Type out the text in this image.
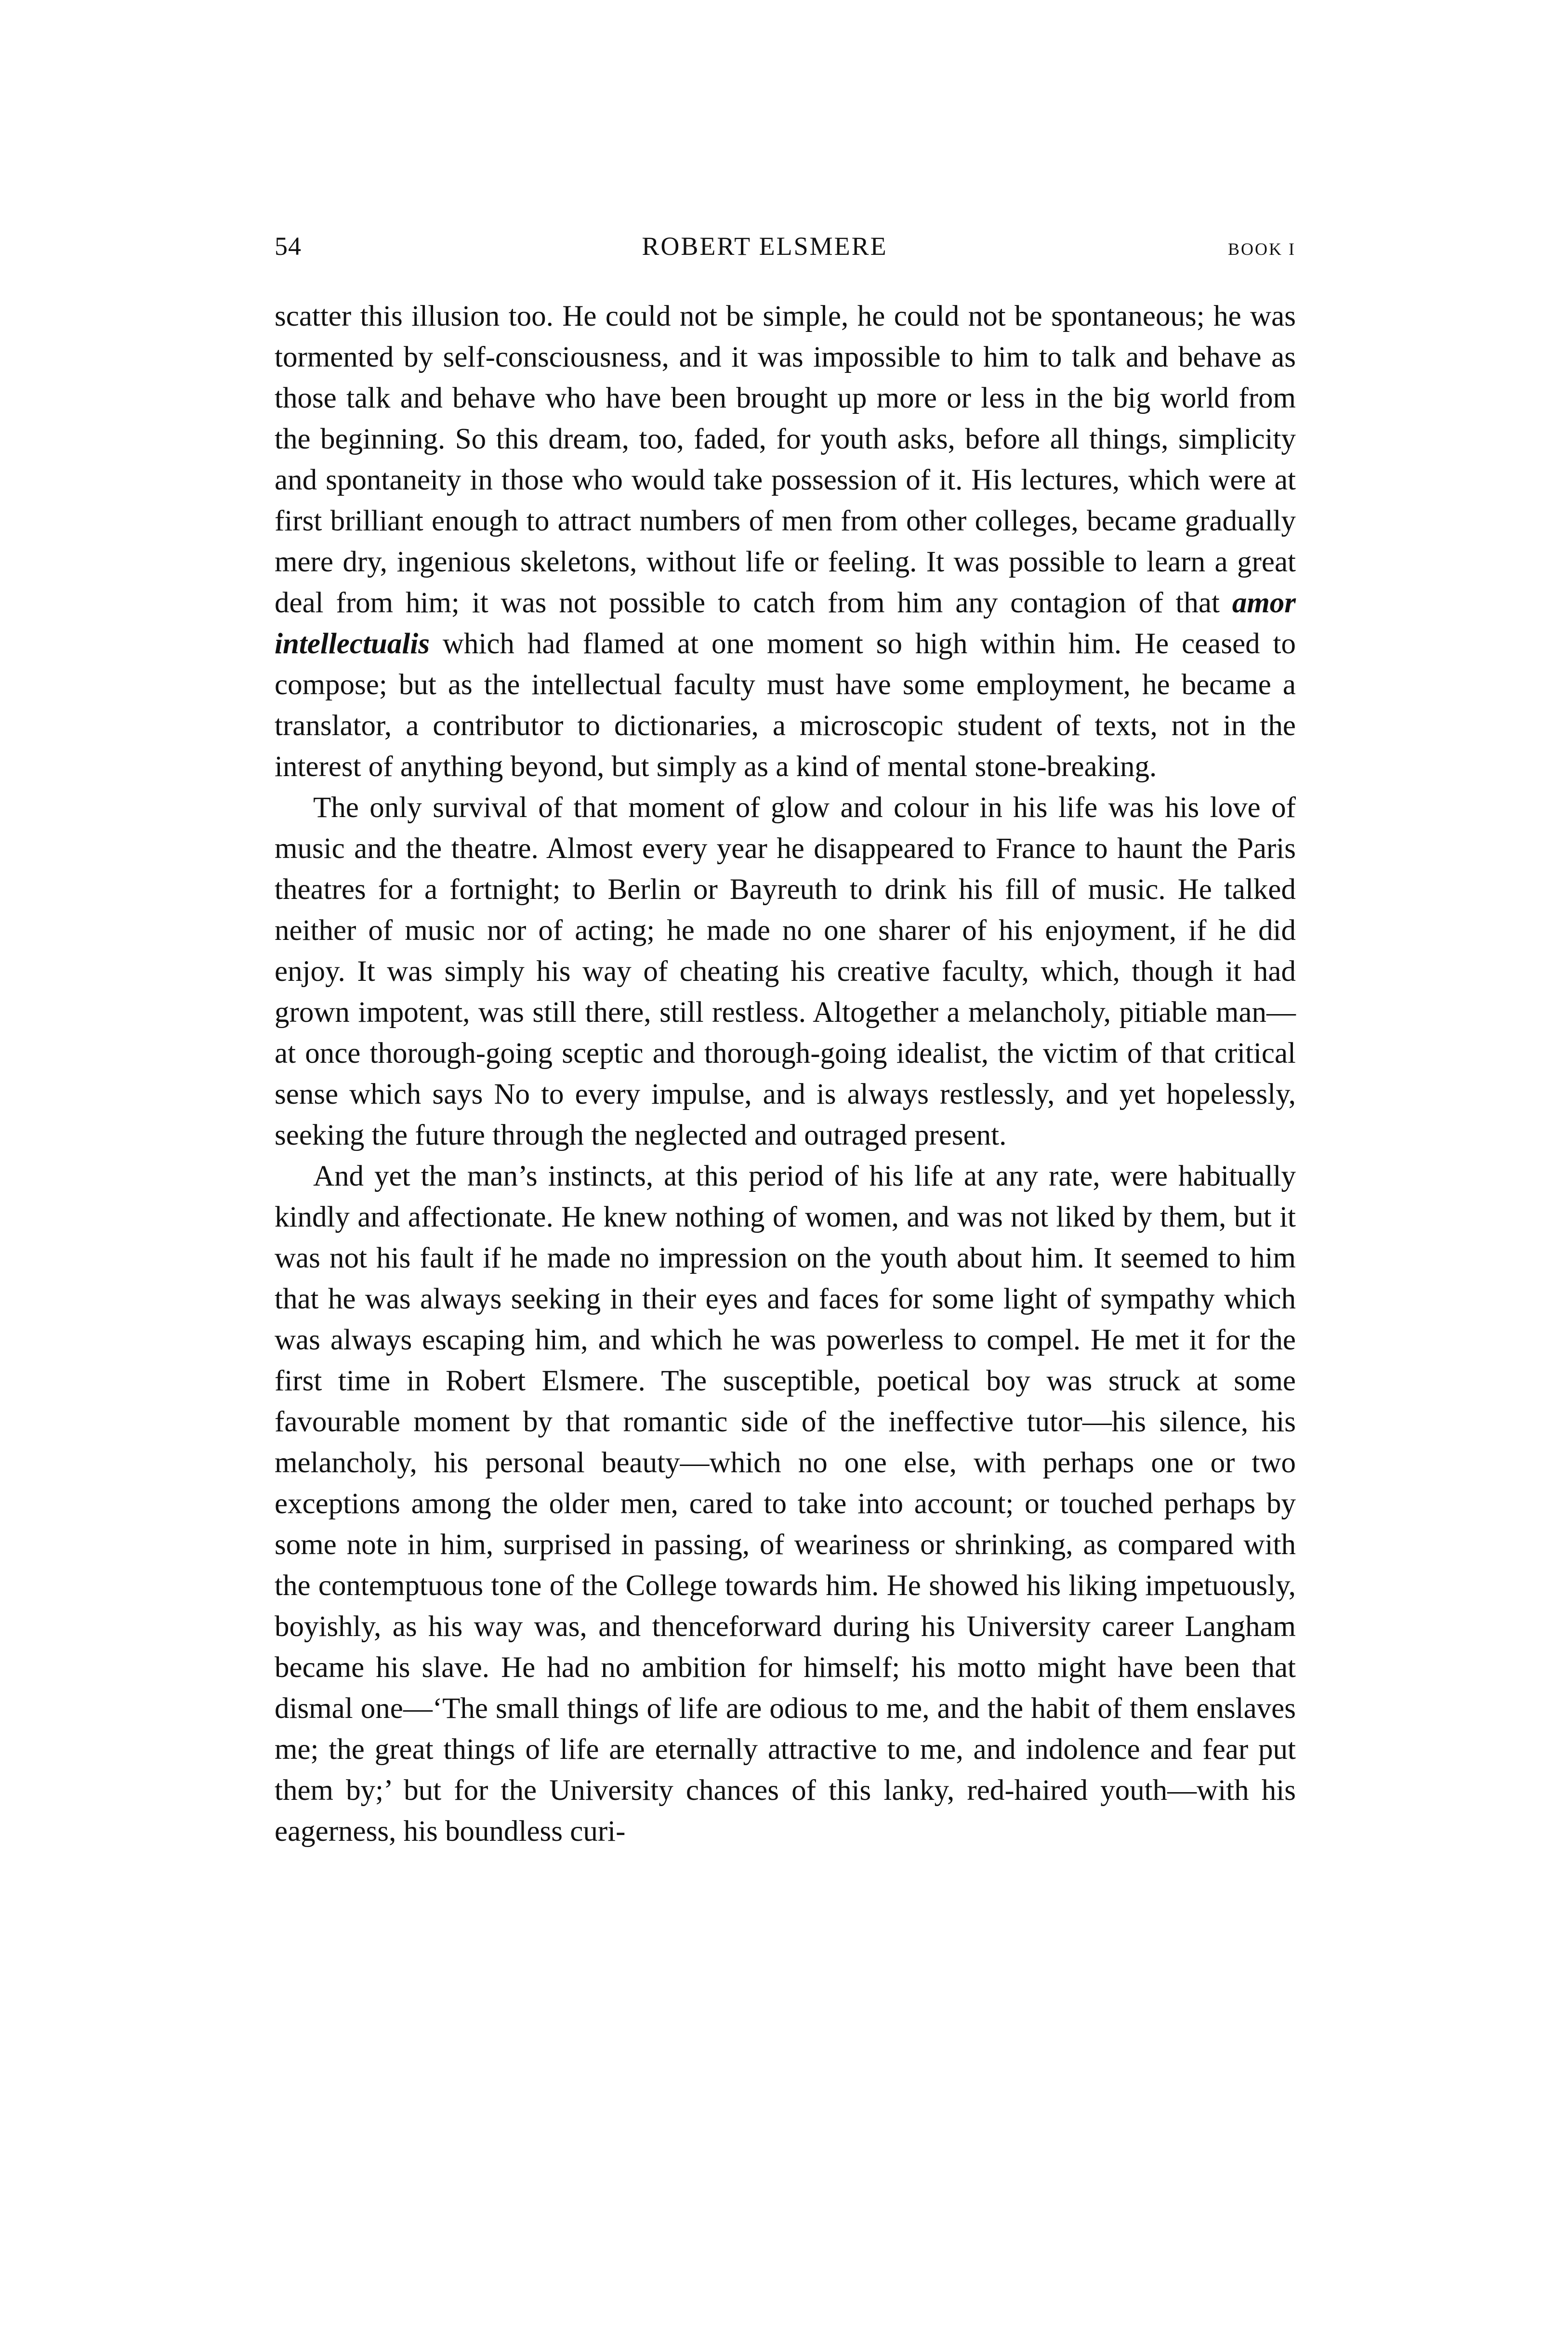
54	ROBERT ELSMERE	BOOK I

scatter this illusion too. He could not be simple, he could not be spontaneous; he was tormented by self-consciousness, and it was impossible to him to talk and behave as those talk and behave who have been brought up more or less in the big world from the beginning. So this dream, too, faded, for youth asks, before all things, simplicity and spontaneity in those who would take possession of it. His lectures, which were at first brilliant enough to attract numbers of men from other colleges, became gradually mere dry, ingenious skeletons, without life or feeling. It was possible to learn a great deal from him; it was not possible to catch from him any contagion of that amor intellectualis which had flamed at one moment so high within him. He ceased to compose; but as the intellectual faculty must have some employment, he became a translator, a contributor to dictionaries, a microscopic student of texts, not in the interest of anything beyond, but simply as a kind of mental stone-breaking.

The only survival of that moment of glow and colour in his life was his love of music and the theatre. Almost every year he disappeared to France to haunt the Paris theatres for a fortnight; to Berlin or Bayreuth to drink his fill of music. He talked neither of music nor of acting; he made no one sharer of his enjoyment, if he did enjoy. It was simply his way of cheating his creative faculty, which, though it had grown impotent, was still there, still restless. Altogether a melancholy, pitiable man—at once thorough-going sceptic and thorough-going idealist, the victim of that critical sense which says No to every impulse, and is always restlessly, and yet hopelessly, seeking the future through the neglected and outraged present.

And yet the man’s instincts, at this period of his life at any rate, were habitually kindly and affectionate. He knew nothing of women, and was not liked by them, but it was not his fault if he made no impression on the youth about him. It seemed to him that he was always seeking in their eyes and faces for some light of sympathy which was always escaping him, and which he was powerless to compel. He met it for the first time in Robert Elsmere. The susceptible, poetical boy was struck at some favourable moment by that romantic side of the ineffective tutor—his silence, his melancholy, his personal beauty—which no one else, with perhaps one or two exceptions among the older men, cared to take into account; or touched perhaps by some note in him, surprised in passing, of weariness or shrinking, as compared with the contemptuous tone of the College towards him. He showed his liking impetuously, boyishly, as his way was, and thenceforward during his University career Langham became his slave. He had no ambition for himself; his motto might have been that dismal one—‘The small things of life are odious to me, and the habit of them enslaves me; the great things of life are eternally attractive to me, and indolence and fear put them by;’ but for the University chances of this lanky, red-haired youth—with his eagerness, his boundless curi-
